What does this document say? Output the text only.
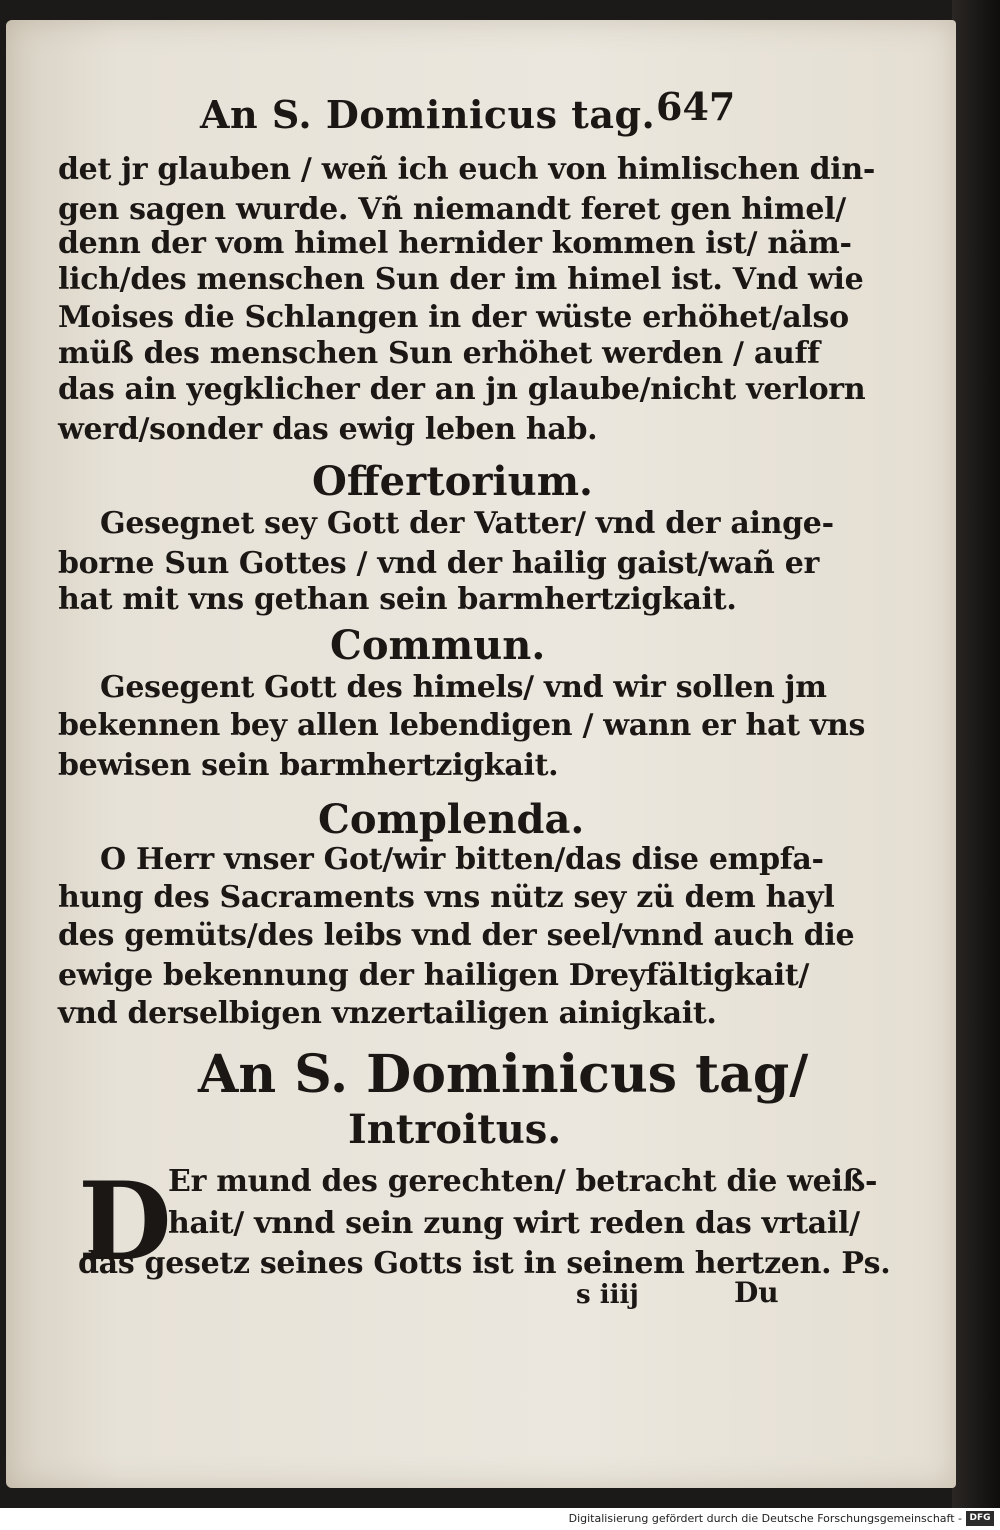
An S. Dominicus tag. 647
det jr glauben / weñ ich euch von himlischen din-
gen sagen wurde. Vñ niemandt feret gen himel/
denn der vom himel hernider kommen ist/ näm-
lich/des menschen Sun der im himel ist. Vnd wie
Moises die Schlangen in der wüste erhöhet/also
müß des menschen Sun erhöhet werden / auff
das ain yegklicher der an jn glaube/nicht verlorn
werd/sonder das ewig leben hab.
Offertorium.
Gesegnet sey Gott der Vatter/ vnd der ainge-
borne Sun Gottes / vnd der hailig gaist/wañ er
hat mit vns gethan sein barmhertzigkait.
Commun.
Gesegent Gott des himels/ vnd wir sollen jm
bekennen bey allen lebendigen / wann er hat vns
bewisen sein barmhertzigkait.
Complenda.
O Herr vnser Got/wir bitten/das dise empfa-
hung des Sacraments vns nütz sey zü dem hayl
des gemüts/des leibs vnd der seel/vnnd auch die
ewige bekennung der hailigen Dreyfältigkait/
vnd derselbigen vnzertailigen ainigkait.
An S. Dominicus tag/
Introitus.
D
Er mund des gerechten/ betracht die weiß-
hait/ vnnd sein zung wirt reden das vrtail/
das gesetz seines Gotts ist in seinem hertzen. Ps.
s iiij	Du
Digitalisierung gefördert durch die Deutsche Forschungsgemeinschaft - DFG
